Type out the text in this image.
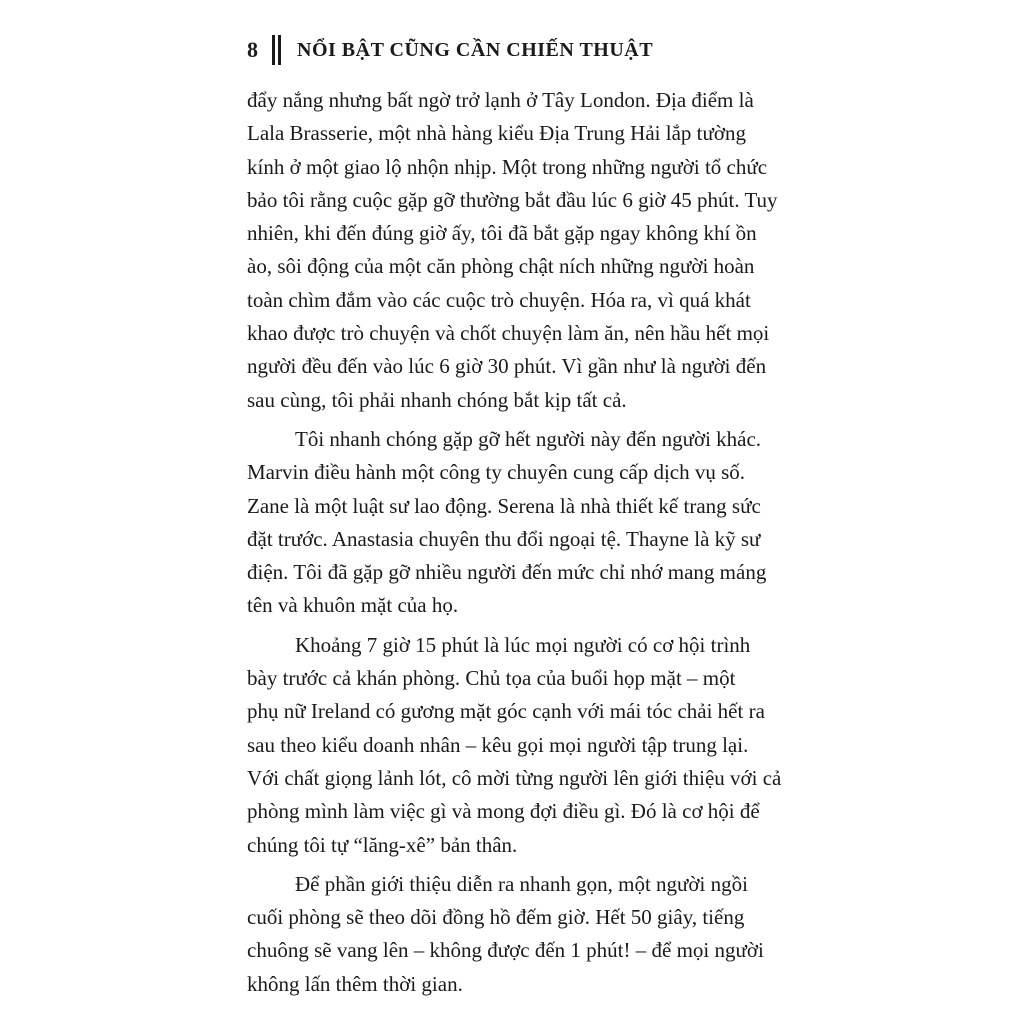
8 NỔI BẬT CŨNG CẦN CHIẾN THUẬT
đẩy nắng nhưng bất ngờ trở lạnh ở Tây London. Địa điểm là
Lala Brasserie, một nhà hàng kiểu Địa Trung Hải lắp tường
kính ở một giao lộ nhộn nhịp. Một trong những người tổ chức
bảo tôi rằng cuộc gặp gỡ thường bắt đầu lúc 6 giờ 45 phút. Tuy
nhiên, khi đến đúng giờ ấy, tôi đã bắt gặp ngay không khí ồn
ào, sôi động của một căn phòng chật ních những người hoàn
toàn chìm đắm vào các cuộc trò chuyện. Hóa ra, vì quá khát
khao được trò chuyện và chốt chuyện làm ăn, nên hầu hết mọi
người đều đến vào lúc 6 giờ 30 phút. Vì gần như là người đến
sau cùng, tôi phải nhanh chóng bắt kịp tất cả.
Tôi nhanh chóng gặp gỡ hết người này đến người khác.
Marvin điều hành một công ty chuyên cung cấp dịch vụ số.
Zane là một luật sư lao động. Serena là nhà thiết kế trang sức
đặt trước. Anastasia chuyên thu đổi ngoại tệ. Thayne là kỹ sư
điện. Tôi đã gặp gỡ nhiều người đến mức chỉ nhớ mang máng
tên và khuôn mặt của họ.
Khoảng 7 giờ 15 phút là lúc mọi người có cơ hội trình
bày trước cả khán phòng. Chủ tọa của buổi họp mặt – một
phụ nữ Ireland có gương mặt góc cạnh với mái tóc chải hết ra
sau theo kiểu doanh nhân – kêu gọi mọi người tập trung lại.
Với chất giọng lảnh lót, cô mời từng người lên giới thiệu với cả
phòng mình làm việc gì và mong đợi điều gì. Đó là cơ hội để
chúng tôi tự “lăng-xê” bản thân.
Để phần giới thiệu diễn ra nhanh gọn, một người ngồi
cuối phòng sẽ theo dõi đồng hồ đếm giờ. Hết 50 giây, tiếng
chuông sẽ vang lên – không được đến 1 phút! – để mọi người
không lấn thêm thời gian.
